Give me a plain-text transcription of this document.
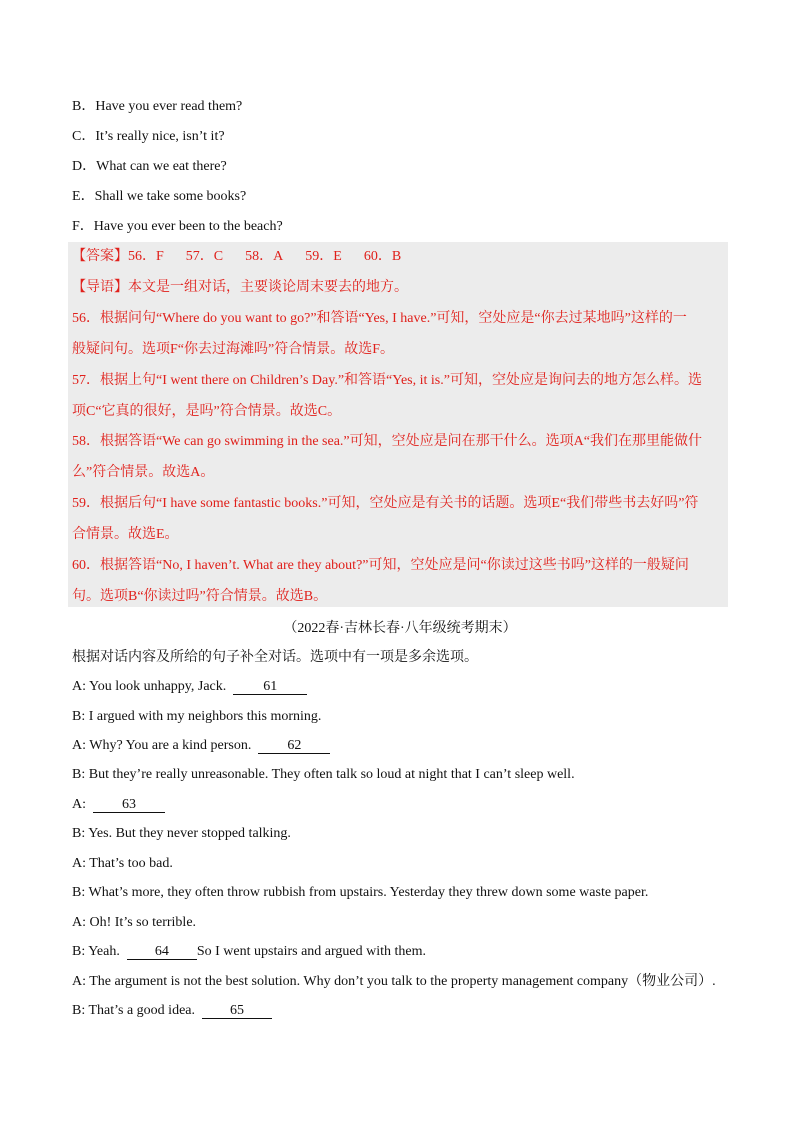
B．Have you ever read them?
C．It’s really nice, isn’t it?
D．What can we eat there?
E．Shall we take some books?
F．Have you ever been to the beach?
【答案】56．F 57．C 58．A 59．E 60．B
【导语】本文是一组对话，主要谈论周末要去的地方。
56．根据问句“Where do you want to go?”和答语“Yes, I have.”可知，空处应是“你去过某地吗”这样的一
般疑问句。选项F“你去过海滩吗”符合情景。故选F。
57．根据上句“I went there on Children’s Day.”和答语“Yes, it is.”可知，空处应是询问去的地方怎么样。选
项C“它真的很好，是吗”符合情景。故选C。
58．根据答语“We can go swimming in the sea.”可知，空处应是问在那干什么。选项A“我们在那里能做什
么”符合情景。故选A。
59．根据后句“I have some fantastic books.”可知，空处应是有关书的话题。选项E“我们带些书去好吗”符
合情景。故选E。
60．根据答语“No, I haven’t. What are they about?”可知，空处应是问“你读过这些书吗”这样的一般疑问
句。选项B“你读过吗”符合情景。故选B。
（2022春·吉林长春·八年级统考期末）
根据对话内容及所给的句子补全对话。选项中有一项是多余选项。
A: You look unhappy, Jack.  61
B: I argued with my neighbors this morning.
A: Why? You are a kind person.  62
B: But they’re really unreasonable. They often talk so loud at night that I can’t sleep well.
A:  63
B: Yes. But they never stopped talking.
A: That’s too bad.
B: What’s more, they often throw rubbish from upstairs. Yesterday they threw down some waste paper.
A: Oh! It’s so terrible.
B: Yeah.  64 So I went upstairs and argued with them.
A: The argument is not the best solution. Why don’t you talk to the property management company（物业公司）.
B: That’s a good idea.  65
